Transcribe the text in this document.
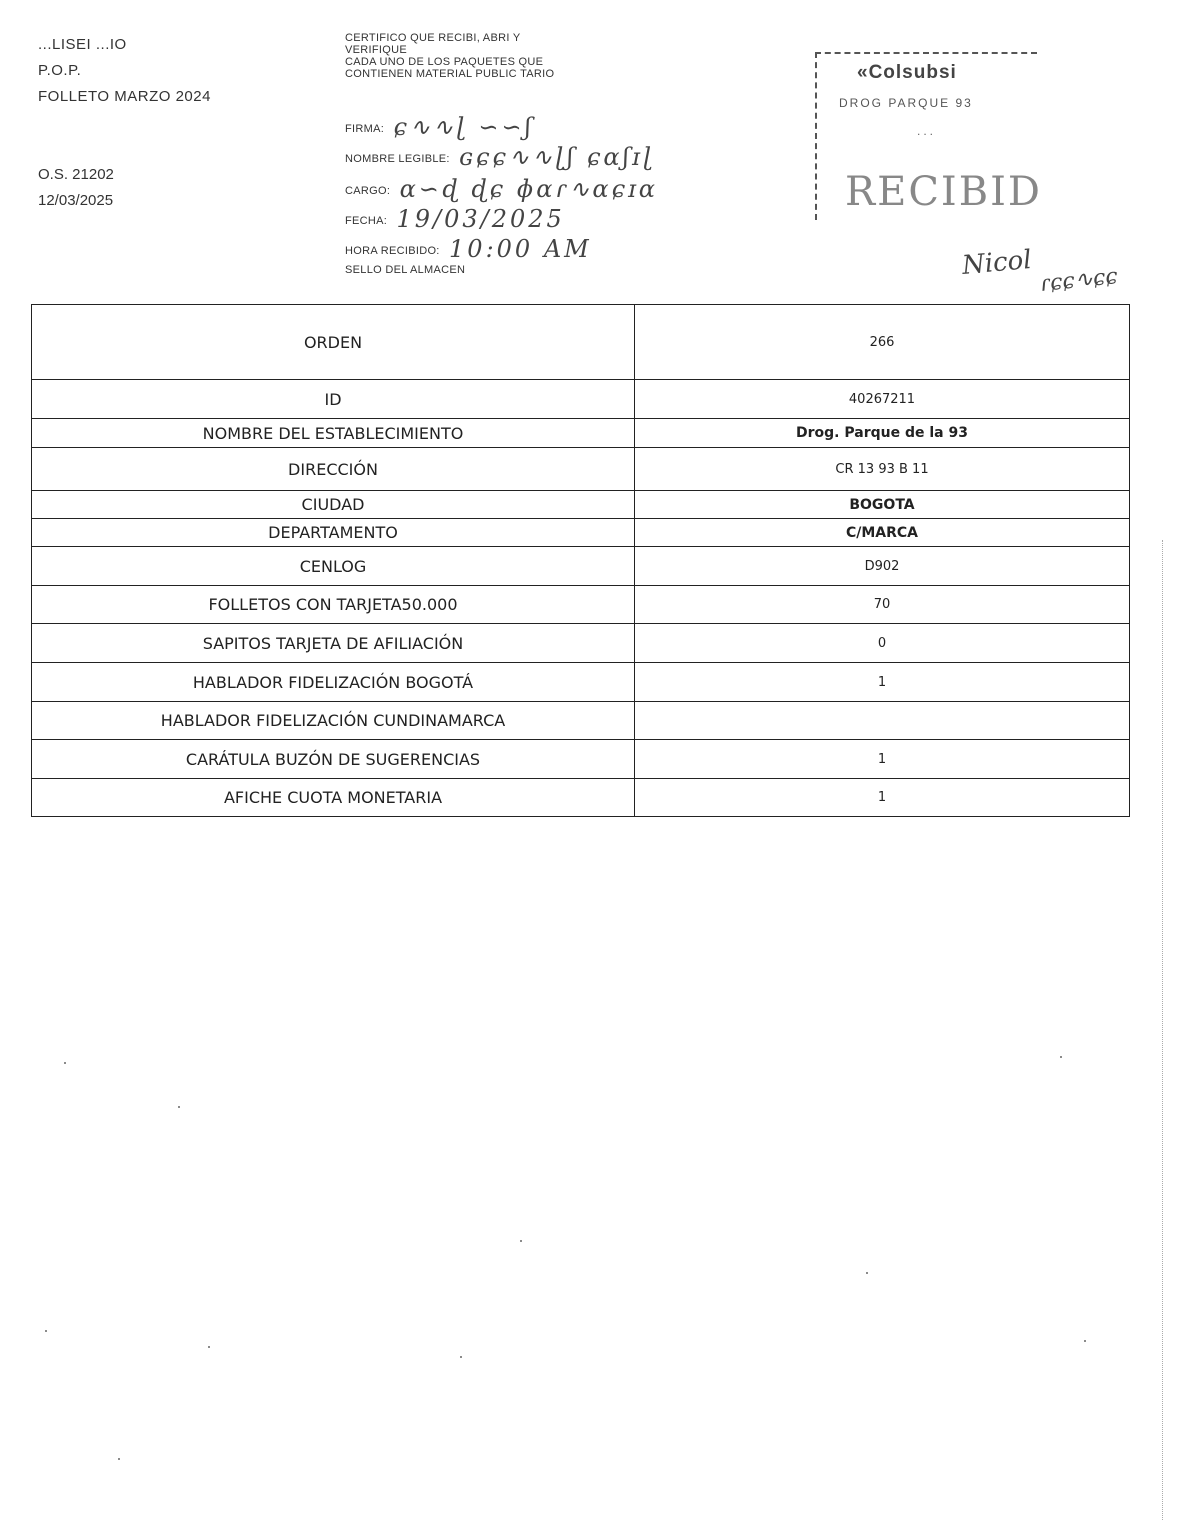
...LISEI ...IO
P.O.P.
FOLLETO MARZO 2024
O.S. 21202
12/03/2025
CERTIFICO QUE RECIBI, ABRI Y
VERIFIQUE
CADA UNO DE LOS PAQUETES QUE
CONTIENEN MATERIAL PUBLIC TARIO
FIRMA: ɕ∿∿ɭ ∽∽ʃ
NOMBRE LEGIBLE: ɢɕɕ∿∿ɭʃ ɕɑʃɪɭ
CARGO: ɑ∽ɖ ɖɕ ɸɑɾ∿ɑɕɪɑ
FECHA: 19/03/2025
HORA RECIBIDO: 10:00 AM
SELLO DEL ALMACEN
«Colsubsi
DROG PARQUE 93
...
RECIBID
Nicol ɾɕɕ∿ɕɕ
ORDEN	266
ID	40267211
NOMBRE DEL ESTABLECIMIENTO	Drog. Parque de la 93
DIRECCIÓN	CR 13 93 B 11
CIUDAD	BOGOTA
DEPARTAMENTO	C/MARCA
CENLOG	D902
FOLLETOS CON TARJETA50.000	70
SAPITOS TARJETA DE AFILIACIÓN	0
HABLADOR FIDELIZACIÓN BOGOTÁ	1
HABLADOR FIDELIZACIÓN CUNDINAMARCA	
CARÁTULA BUZÓN DE SUGERENCIAS	1
AFICHE CUOTA MONETARIA	1
